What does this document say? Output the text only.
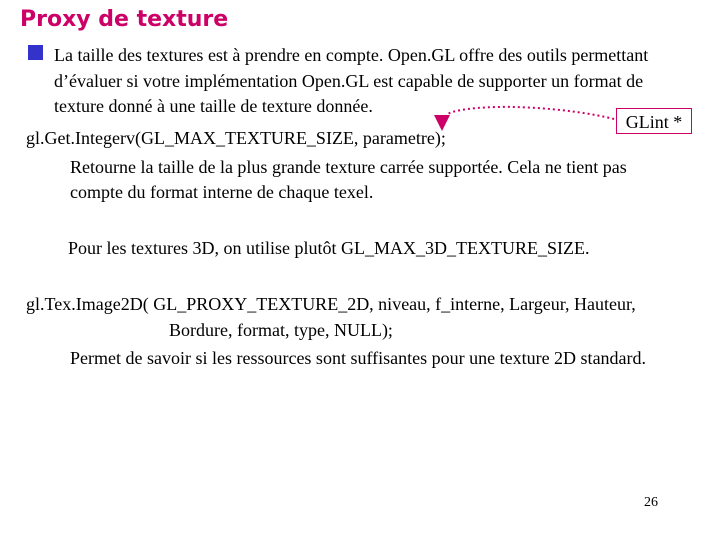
Proxy de texture
La taille des textures est à prendre en compte. Open.GL offre des outils permettant
d’évaluer si votre implémentation Open.GL est capable de supporter un format de
texture donné à une taille de texture donnée.
GLint *
gl.Get.Integerv(GL_MAX_TEXTURE_SIZE, parametre);
Retourne la taille de la plus grande texture carrée supportée. Cela ne tient pas
compte du format interne de chaque texel.
Pour les textures 3D, on utilise plutôt GL_MAX_3D_TEXTURE_SIZE.
gl.Tex.Image2D( GL_PROXY_TEXTURE_2D, niveau, f_interne, Largeur, Hauteur,
Bordure, format, type, NULL);
Permet de savoir si les ressources sont suffisantes pour une texture 2D standard.
26
